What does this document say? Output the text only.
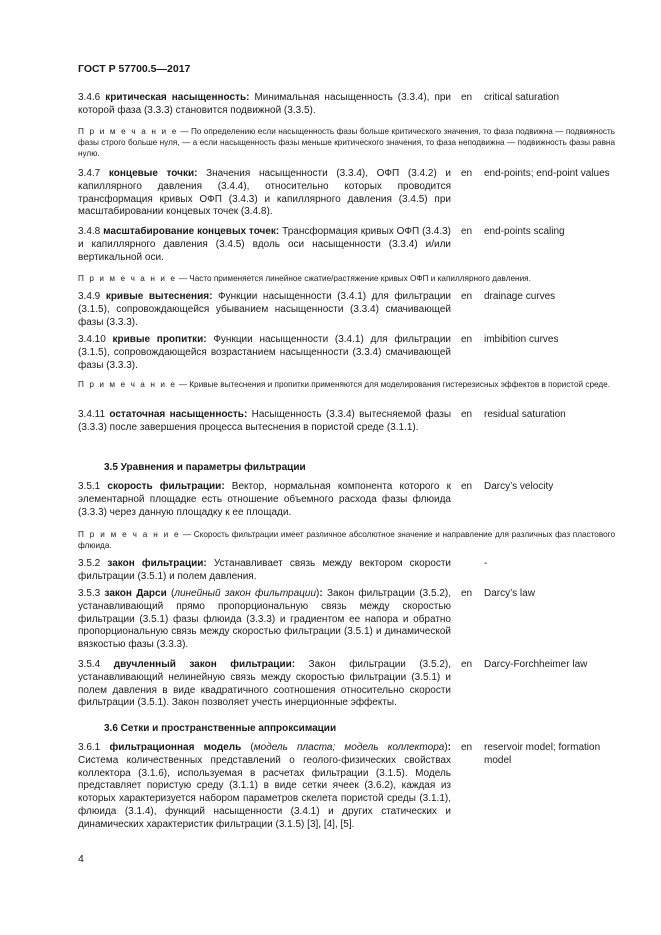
ГОСТ Р 57700.5—2017
3.4.6 критическая насыщенность: Минимальная насыщенность (3.3.4), при которой фаза (3.3.3) становится подвижной (3.3.5).
en critical saturation
П р и м е ч а н и е — По определению если насыщенность фазы больше критического значения, то фаза подвижна — подвижность фазы строго больше нуля, — а если насыщенность фазы меньше критического значения, то фаза неподвижна — подвижность фазы равна нулю.
3.4.7 концевые точки: Значения насыщенности (3.3.4), ОФП (3.4.2) и капиллярного давления (3.4.4), относительно которых проводится трансформация кривых ОФП (3.4.3) и капиллярного давления (3.4.5) при масштабировании концевых точек (3.4.8).
en end-points; end-point values
3.4.8 масштабирование концевых точек: Трансформация кривых ОФП (3.4.3) и капиллярного давления (3.4.5) вдоль оси насыщенности (3.3.4) и/или вертикальной оси.
en end-points scaling
П р и м е ч а н и е — Часто применяется линейное сжатие/растяжение кривых ОФП и капиллярного давления.
3.4.9 кривые вытеснения: Функции насыщенности (3.4.1) для фильтрации (3.1.5), сопровождающейся убыванием насыщенности (3.3.4) смачивающей фазы (3.3.3).
en drainage curves
3.4.10 кривые пропитки: Функции насыщенности (3.4.1) для фильтрации (3.1.5), сопровождающейся возрастанием насыщенности (3.3.4) смачивающей фазы (3.3.3).
en imbibition curves
П р и м е ч а н и е — Кривые вытеснения и пропитки применяются для моделирования гистерезисных эффектов в пористой среде.
3.4.11 остаточная насыщенность: Насыщенность (3.3.4) вытесняемой фазы (3.3.3) после завершения процесса вытеснения в пористой среде (3.1.1).
en residual saturation
3.5 Уравнения и параметры фильтрации
3.5.1 скорость фильтрации: Вектор, нормальная компонента которого к элементарной площадке есть отношение объемного расхода фазы флюида (3.3.3) через данную площадку к ее площади.
en Darcy’s velocity
П р и м е ч а н и е — Скорость фильтрации имеет различное абсолютное значение и направление для различных фаз пластового флюида.
3.5.2 закон фильтрации: Устанавливает связь между вектором скорости фильтрации (3.5.1) и полем давления.
-
3.5.3 закон Дарси (линейный закон фильтрации): Закон фильтрации (3.5.2), устанавливающий прямо пропорциональную связь между скоростью фильтрации (3.5.1) фазы флюида (3.3.3) и градиентом ее напора и обратно пропорциональную связь между скоростью фильтрации (3.5.1) и динамической вязкостью фазы (3.3.3).
en Darcy’s law
3.5.4 двучленный закон фильтрации: Закон фильтрации (3.5.2), устанавливающий нелинейную связь между скоростью фильтрации (3.5.1) и полем давления в виде квадратичного соотношения относительно скорости фильтрации (3.5.1). Закон позволяет учесть инерционные эффекты.
en Darcy-Forchheimer law
3.6 Сетки и пространственные аппроксимации
3.6.1 фильтрационная модель (модель пласта; модель коллектора): Система количественных представлений о геолого-физических свойствах коллектора (3.1.6), используемая в расчетах фильтрации (3.1.5). Модель представляет пористую среду (3.1.1) в виде сетки ячеек (3.6.2), каждая из которых характеризуется набором параметров скелета пористой среды (3.1.1), флюида (3.1.4), функций насыщенности (3.4.1) и других статических и динамических характеристик фильтрации (3.1.5) [3], [4], [5].
en reservoir model; formation model
4
